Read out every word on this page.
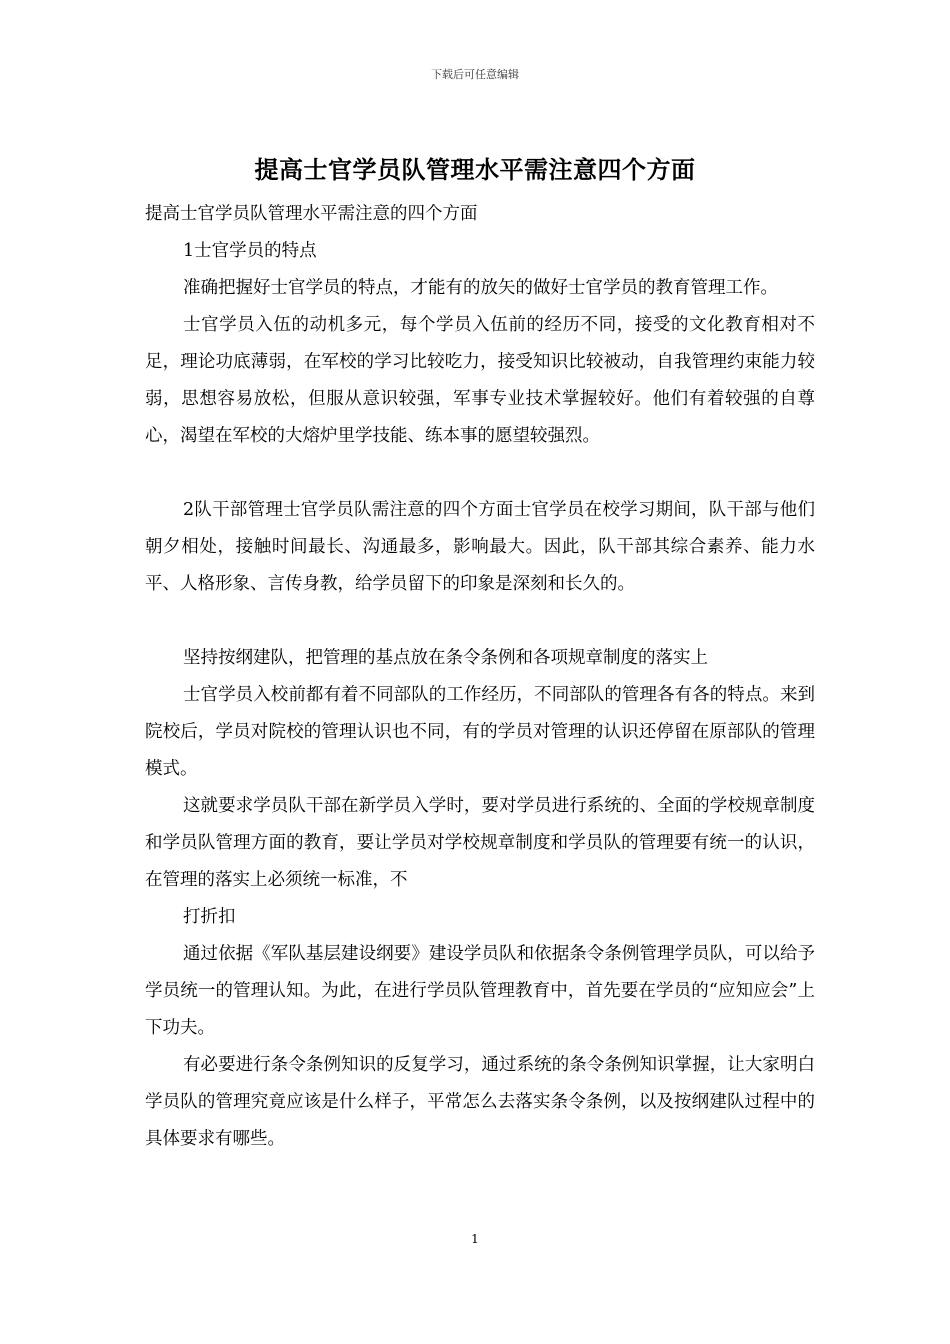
下载后可任意编辑
提高士官学员队管理水平需注意四个方面

提高士官学员队管理水平需注意的四个方面

1士官学员的特点

准确把握好士官学员的特点，才能有的放矢的做好士官学员的教育管理工作。

士官学员入伍的动机多元，每个学员入伍前的经历不同，接受的文化教育相对不足，理论功底薄弱，在军校的学习比较吃力，接受知识比较被动，自我管理约束能力较弱，思想容易放松，但服从意识较强，军事专业技术掌握较好。他们有着较强的自尊心，渴望在军校的大熔炉里学技能、练本事的愿望较强烈。

2队干部管理士官学员队需注意的四个方面士官学员在校学习期间，队干部与他们朝夕相处，接触时间最长、沟通最多，影响最大。因此，队干部其综合素养、能力水平、人格形象、言传身教，给学员留下的印象是深刻和长久的。

坚持按纲建队，把管理的基点放在条令条例和各项规章制度的落实上

士官学员入校前都有着不同部队的工作经历，不同部队的管理各有各的特点。来到院校后，学员对院校的管理认识也不同，有的学员对管理的认识还停留在原部队的管理模式。

这就要求学员队干部在新学员入学时，要对学员进行系统的、全面的学校规章制度和学员队管理方面的教育，要让学员对学校规章制度和学员队的管理要有统一的认识，在管理的落实上必须统一标准，不

打折扣

通过依据《军队基层建设纲要》建设学员队和依据条令条例管理学员队，可以给予学员统一的管理认知。为此，在进行学员队管理教育中，首先要在学员的“应知应会”上下功夫。

有必要进行条令条例知识的反复学习，通过系统的条令条例知识掌握，让大家明白学员队的管理究竟应该是什么样子，平常怎么去落实条令条例，以及按纲建队过程中的具体要求有哪些。

1
